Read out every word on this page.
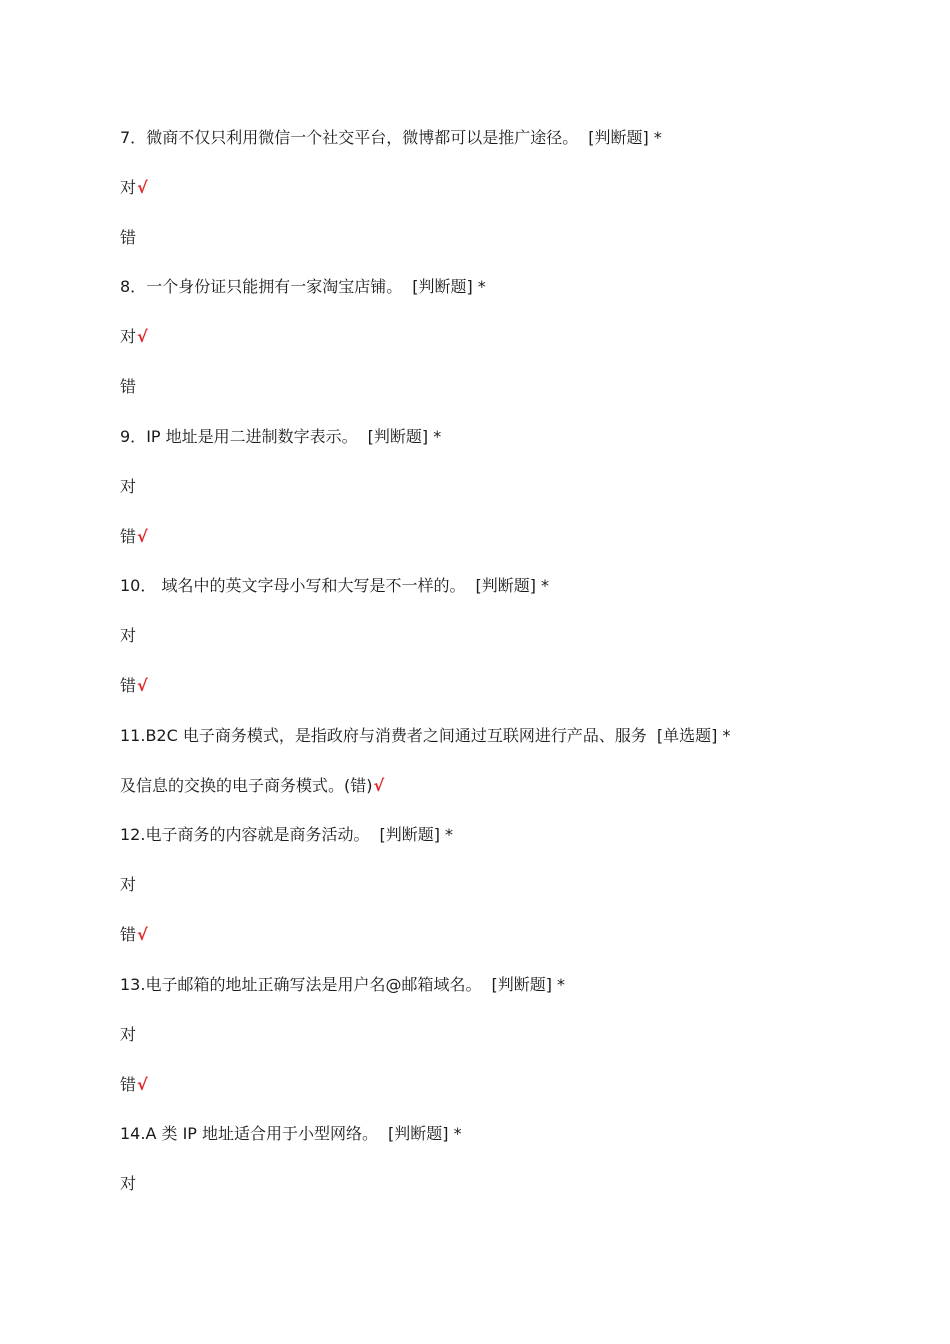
7．微商不仅只利用微信一个社交平台，微博都可以是推广途径。 [判断题] *
对√
错
8．一个身份证只能拥有一家淘宝店铺。 [判断题] *
对√
错
9．IP 地址是用二进制数字表示。 [判断题] *
对
错√
10． 域名中的英文字母小写和大写是不一样的。 [判断题] *
对
错√
11.B2C 电子商务模式，是指政府与消费者之间通过互联网进行产品、服务 [单选题] *
及信息的交换的电子商务模式。(错)√
12.电子商务的内容就是商务活动。 [判断题] *
对
错√
13.电子邮箱的地址正确写法是用户名@邮箱域名。 [判断题] *
对
错√
14.A 类 IP 地址适合用于小型网络。 [判断题] *
对
